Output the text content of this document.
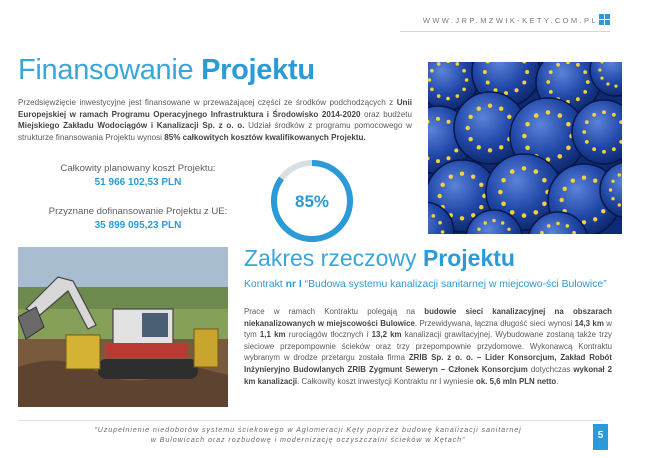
WWW.JRP.MZWIK-KETY.COM.PL
Finansowanie Projektu
Przedsięwzięcie inwestycyjne jest finansowane w przeważającej części ze środków podchodzących z Unii Europejskiej w ramach Programu Operacyjnego Infrastruktura i Środowisko 2014-2020 oraz budżetu Miejskiego Zakładu Wodociągów i Kanalizacji Sp. z o. o. Udział środków z programu pomocowego w strukturze finansowania Projektu wynosi 85% całkowitych kosztów kwalifikowanych Projektu.
Całkowity planowany koszt Projektu:
51 966 102,53 PLN
Przyznane dofinansowanie Projektu z UE:
35 899 095,23 PLN
85%
Zakres rzeczowy Projektu
Kontrakt nr I “Budowa systemu kanalizacji sanitarnej w miejcowo-ści Bulowice”
Prace w ramach Kontraktu polegają na budowie sieci kanalizacyjnej na obszarach niekanalizowanych w miejscowości Bulowice. Przewidywana, łączna długość sieci wynosi 14,3 km w tym 1,1 km rurociągów tłocznych i 13,2 km kanalizacji grawitacyjnej. Wybudowane zostaną także trzy sieciowe przepompownie ścieków oraz trzy przepompownie przydomowe. Wykonawcą Kontraktu wybranym w drodze przetargu została firma ZRIB Sp. z o. o. – Lider Konsorcjum, Zakład Robót Inżynieryjno Budowlanych ZRIB Zygmunt Seweryn – Członek Konsorcjum dotychczas wykonał 2 km kanalizacji. Całkowity koszt inwestycji Kontraktu nr I wyniesie ok. 5,6 mln PLN netto.
“Uzupełnienie niedoborów systemu ściekowego w Aglomeracji Kęty poprzez budowę kanalizacji sanitarnej
w Bulowicach oraz rozbudowę i modernizację oczyszczalni ścieków w Kętach”	5
